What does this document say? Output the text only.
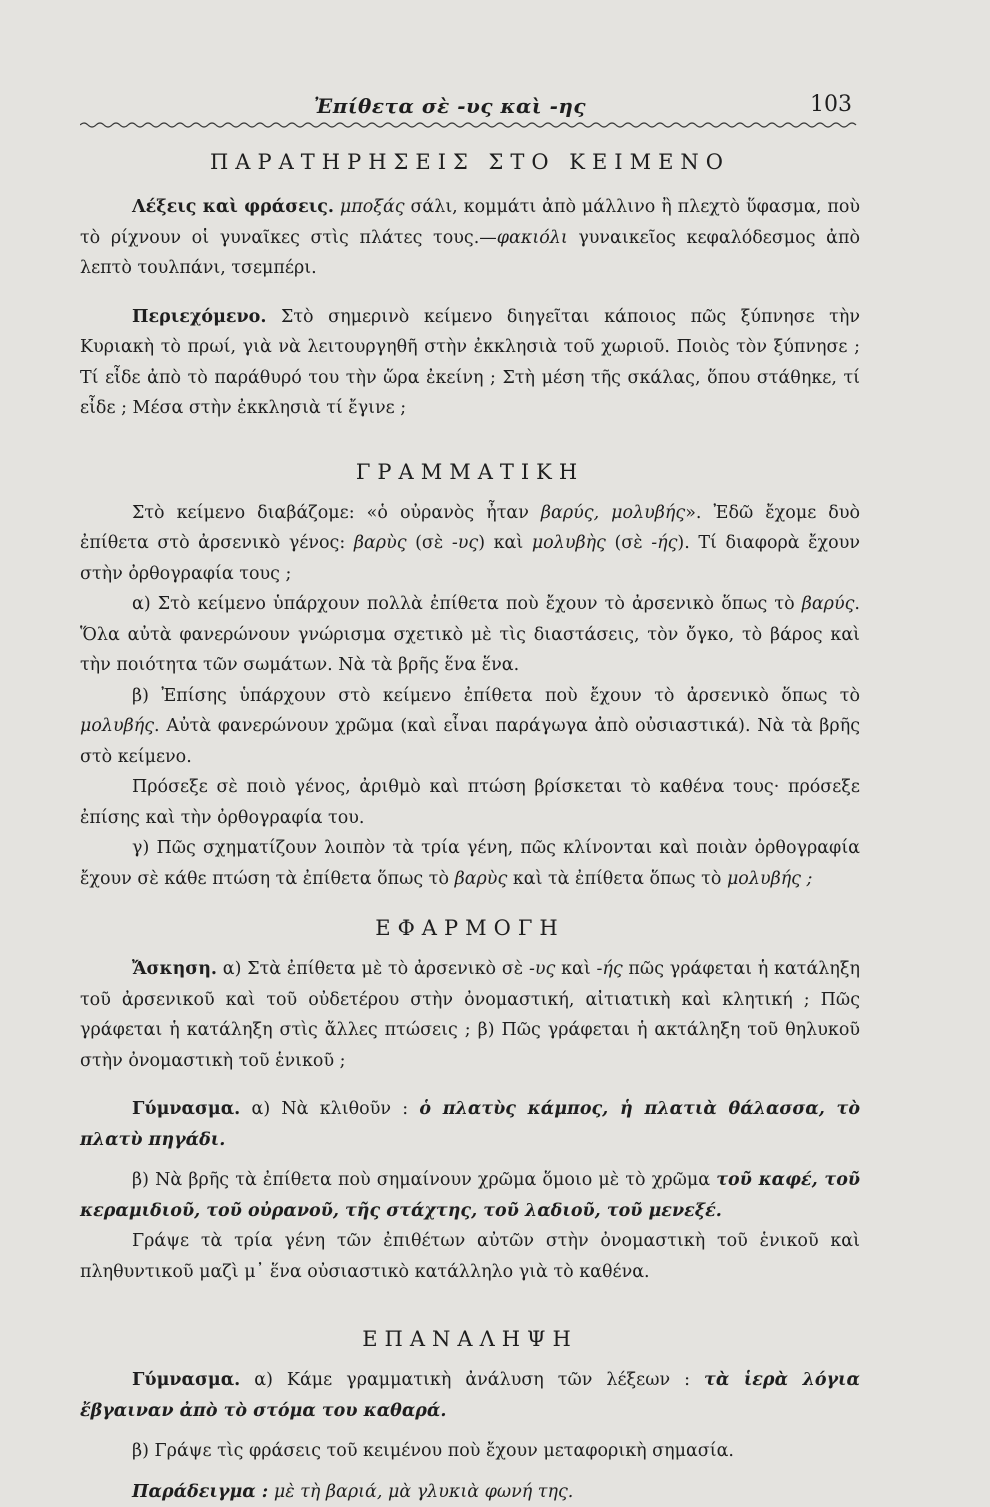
Ἐπίθετα σὲ -υς καὶ -ης	103
ΠΑΡΑΤΗΡΗΣΕΙΣ ΣΤΟ ΚΕΙΜΕΝΟ

Λέξεις καὶ φράσεις. μποξάς σάλι, κομμάτι ἀπὸ μάλλινο ἢ πλεχτὸ ὕφασμα, ποὺ τὸ ρίχνουν οἱ γυναῖκες στὶς πλάτες τους.—φακιόλι γυναικεῖος κεφαλόδεσμος ἀπὸ λεπτὸ τουλπάνι, τσεμπέρι.

Περιεχόμενο. Στὸ σημερινὸ κείμενο διηγεῖται κάποιος πῶς ξύπνησε τὴν Κυριακὴ τὸ πρωί, γιὰ νὰ λειτουργηθῆ στὴν ἐκκλησιὰ τοῦ χωριοῦ. Ποιὸς τὸν ξύπνησε ; Τί εἶδε ἀπὸ τὸ παράθυρό του τὴν ὥρα ἐκείνη ; Στὴ μέση τῆς σκάλας, ὅπου στάθηκε, τί εἶδε ; Μέσα στὴν ἐκκλησιὰ τί ἔγινε ;

ΓΡΑΜΜΑΤΙΚΗ

Στὸ κείμενο διαβάζομε: «ὁ οὐρανὸς ἦταν βαρύς, μολυβής». Ἐδῶ ἔχομε δυὸ ἐπίθετα στὸ ἀρσενικὸ γένος: βαρὺς (σὲ -υς) καὶ μολυβὴς (σὲ -ής). Τί διαφορὰ ἔχουν στὴν ὀρθογραφία τους ;

α) Στὸ κείμενο ὑπάρχουν πολλὰ ἐπίθετα ποὺ ἔχουν τὸ ἀρσενικὸ ὅπως τὸ βαρύς. Ὅλα αὐτὰ φανερώνουν γνώρισμα σχετικὸ μὲ τὶς διαστάσεις, τὸν ὄγκο, τὸ βάρος καὶ τὴν ποιότητα τῶν σωμάτων. Νὰ τὰ βρῆς ἕνα ἕνα.

β) Ἐπίσης ὑπάρχουν στὸ κείμενο ἐπίθετα ποὺ ἔχουν τὸ ἀρσενικὸ ὅπως τὸ μολυβής. Αὐτὰ φανερώνουν χρῶμα (καὶ εἶναι παράγωγα ἀπὸ οὐσιαστικά). Νὰ τὰ βρῆς στὸ κείμενο.

Πρόσεξε σὲ ποιὸ γένος, ἀριθμὸ καὶ πτώση βρίσκεται τὸ καθένα τους· πρόσεξε ἐπίσης καὶ τὴν ὀρθογραφία του.

γ) Πῶς σχηματίζουν λοιπὸν τὰ τρία γένη, πῶς κλίνονται καὶ ποιὰν ὀρθογραφία ἔχουν σὲ κάθε πτώση τὰ ἐπίθετα ὅπως τὸ βαρὺς καὶ τὰ ἐπίθετα ὅπως τὸ μολυβής ;

ΕΦΑΡΜΟΓΗ

Ἄσκηση. α) Στὰ ἐπίθετα μὲ τὸ ἀρσενικὸ σὲ -υς καὶ -ής πῶς γράφεται ἡ κατάληξη τοῦ ἀρσενικοῦ καὶ τοῦ οὐδετέρου στὴν ὀνομαστική, αἰτιατικὴ καὶ κλητική ; Πῶς γράφεται ἡ κατάληξη στὶς ἄλλες πτώσεις ; β) Πῶς γράφεται ἡ ακτάληξη τοῦ θηλυκοῦ στὴν ὀνομαστικὴ τοῦ ἑνικοῦ ;

Γύμνασμα. α) Νὰ κλιθοῦν : ὁ πλατὺς κάμπος, ἡ πλατιὰ θάλασσα, τὸ πλατὺ πηγάδι.

β) Νὰ βρῆς τὰ ἐπίθετα ποὺ σημαίνουν χρῶμα ὅμοιο μὲ τὸ χρῶμα τοῦ καφέ, τοῦ κεραμιδιοῦ, τοῦ οὐρανοῦ, τῆς στάχτης, τοῦ λαδιοῦ, τοῦ μενεξέ.

Γράψε τὰ τρία γένη τῶν ἐπιθέτων αὐτῶν στὴν ὀνομαστικὴ τοῦ ἑνικοῦ καὶ πληθυντικοῦ μαζὶ μ᾿ ἕνα οὐσιαστικὸ κατάλληλο γιὰ τὸ καθένα.

ΕΠΑΝΑΛΗΨΗ

Γύμνασμα. α) Κάμε γραμματικὴ ἀνάλυση τῶν λέξεων : τὰ ἱερὰ λόγια ἔβγαιναν ἀπὸ τὸ στόμα του καθαρά.

β) Γράψε τὶς φράσεις τοῦ κειμένου ποὺ ἔχουν μεταφορικὴ σημασία.

Παράδειγμα : μὲ τὴ βαριά, μὰ γλυκιὰ φωνή της.
